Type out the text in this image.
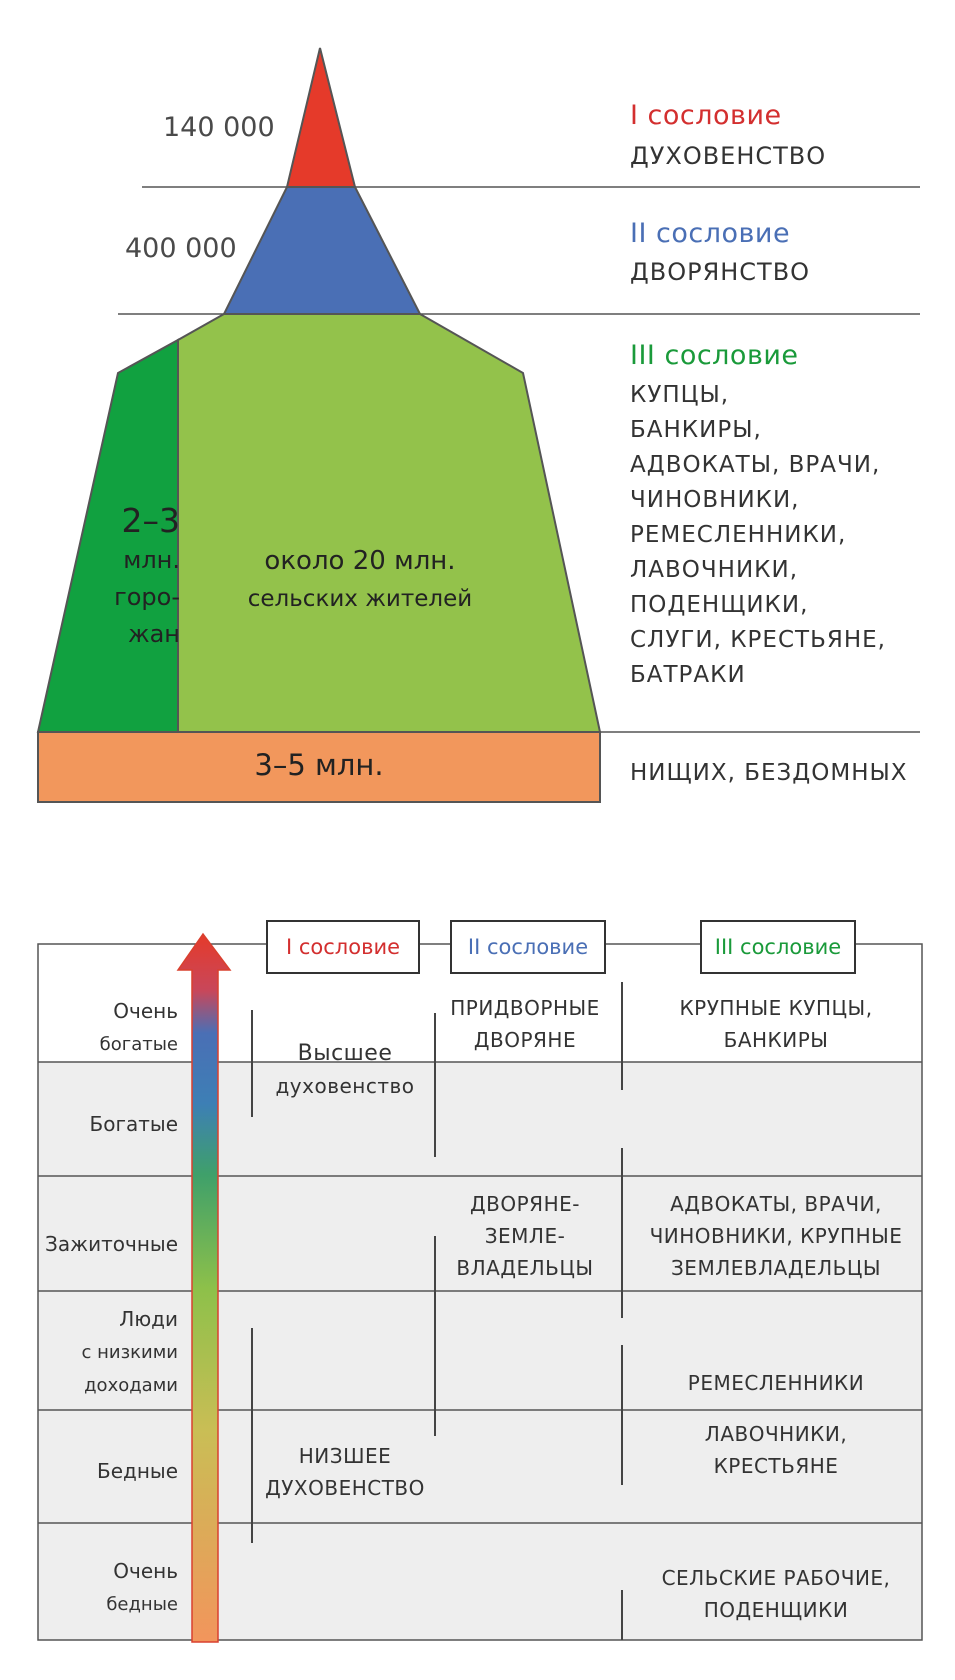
140 000
400 000
2–3
млн.
горо-
жан
около 20 млн.
сельских жителей
3–5 млн.
I сословие
ДУХОВЕНСТВО
II сословие
ДВОРЯНСТВО
III сословие
КУПЦЫ,
БАНКИРЫ,
АДВОКАТЫ, ВРАЧИ,
ЧИНОВНИКИ,
РЕМЕСЛЕННИКИ,
ЛАВОЧНИКИ,
ПОДЕНЩИКИ,
СЛУГИ, КРЕСТЬЯНЕ,
БАТРАКИ
НИЩИХ, БЕЗДОМНЫХ
I сословие	II сословие	III сословие
Очень
богатые
Богатые
Зажиточные
Люди
с низкими
доходами
Бедные
Очень
бедные
Высшее
духовенство
НИЗШЕЕ
ДУХОВЕНСТВО
ПРИДВОРНЫЕ
ДВОРЯНЕ
ДВОРЯНЕ-
ЗЕМЛЕ-
ВЛАДЕЛЬЦЫ
КРУПНЫЕ КУПЦЫ,
БАНКИРЫ
АДВОКАТЫ, ВРАЧИ,
ЧИНОВНИКИ, КРУПНЫЕ
ЗЕМЛЕВЛАДЕЛЬЦЫ
РЕМЕСЛЕННИКИ
ЛАВОЧНИКИ,
КРЕСТЬЯНЕ
СЕЛЬСКИЕ РАБОЧИЕ,
ПОДЕНЩИКИ
